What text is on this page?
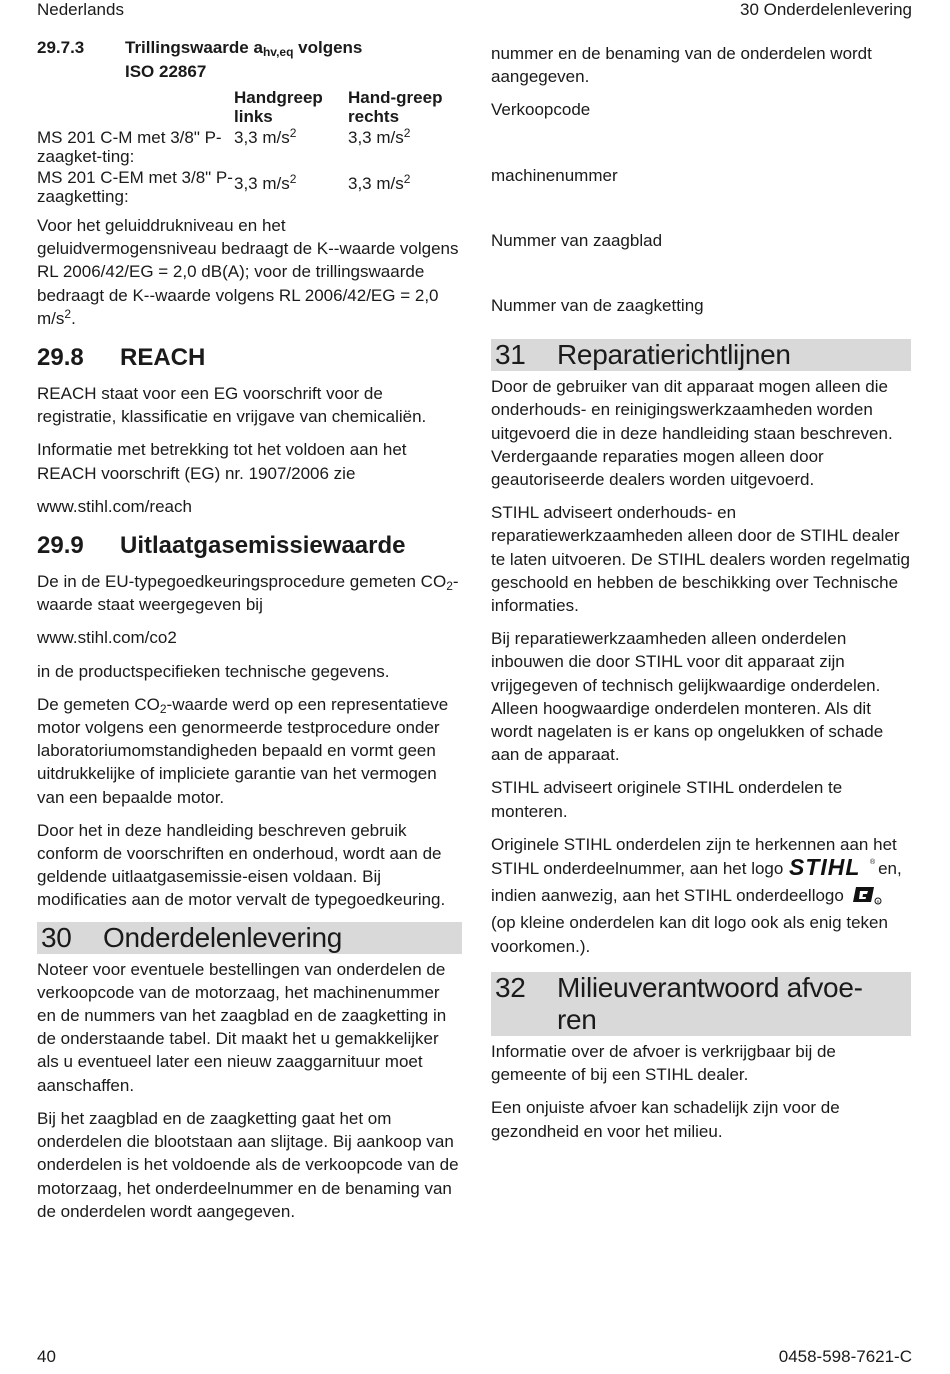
Nederlands	30 Onderdelenlevering
29.7.3 Trillingswaarde $a_{hv,eq}$ volgens
ISO 22867

	Handgreep links	Hand-greep rechts

MS 201 C-M met 3/8" P-zaagket-ting:	3,3 $m/s^2$	3,3 $m/s^2$
MS 201 C-EM met 3/8" P-zaagketting:	3,3 $m/s^2$	3,3 $m/s^2$

Voor het geluiddrukniveau en het geluidvermogensniveau bedraagt de K--waarde volgens RL 2006/42/EG = 2,0 dB(A); voor de trillingswaarde bedraagt de K--waarde volgens RL 2006/42/EG = 2,0 $m/s^2$.

29.8 REACH

REACH staat voor een EG voorschrift voor de registratie, klassificatie en vrijgave van chemicaliën.

Informatie met betrekking tot het voldoen aan het REACH voorschrift (EG) nr. 1907/2006 zie

www.stihl.com/reach

29.9 Uitlaatgasemissiewaarde

De in de EU-typegoedkeuringsprocedure gemeten $CO_2$-waarde staat weergegeven bij

www.stihl.com/co2

in de productspecifieken technische gegevens.

De gemeten $CO_2$-waarde werd op een representatieve motor volgens een genormeerde testprocedure onder laboratoriumomstandigheden bepaald en vormt geen uitdrukkelijke of impliciete garantie van het vermogen van een bepaalde motor.

Door het in deze handleiding beschreven gebruik conform de voorschriften en onderhoud, wordt aan de geldende uitlaatgasemissie-eisen voldaan. Bij modificaties aan de motor vervalt de typegoedkeuring.

30 Onderdelenlevering

Noteer voor eventuele bestellingen van onderdelen de verkoopcode van de motorzaag, het machinenummer en de nummers van het zaagblad en de zaagketting in de onderstaande tabel. Dit maakt het u gemakkelijker als u eventueel later een nieuw zaaggarnituur moet aanschaffen.

Bij het zaagblad en de zaagketting gaat het om onderdelen die blootstaan aan slijtage. Bij aankoop van onderdelen is het voldoende als de verkoopcode van de motorzaag, het onderdeelnummer en de benaming van de onderdelen wordt aangegeven.

nummer en de benaming van de onderdelen wordt aangegeven.

Verkoopcode

machinenummer

Nummer van zaagblad

Nummer van de zaagketting

31 Reparatierichtlijnen

Door de gebruiker van dit apparaat mogen alleen die onderhouds- en reinigingswerkzaamheden worden uitgevoerd die in deze handleiding staan beschreven. Verdergaande reparaties mogen alleen door geautoriseerde dealers worden uitgevoerd.

STIHL adviseert onderhouds- en reparatiewerkzaamheden alleen door de STIHL dealer te laten uitvoeren. De STIHL dealers worden regelmatig geschoold en hebben de beschikking over Technische informaties.

Bij reparatiewerkzaamheden alleen onderdelen inbouwen die door STIHL voor dit apparaat zijn vrijgegeven of technisch gelijkwaardige onderdelen. Alleen hoogwaardige onderdelen monteren. Als dit wordt nagelaten is er kans op ongelukken of schade aan de apparaat.

STIHL adviseert originele STIHL onderdelen te monteren.

Originele STIHL onderdelen zijn te herkennen aan het STIHL onderdeelnummer, aan het logo STIHL ® en, indien aanwezig, aan het STIHL onderdeellogo	R
(op kleine onderdelen kan dit logo ook als enig teken voorkomen.).

32 Milieuverantwoord afvoe-
ren

Informatie over de afvoer is verkrijgbaar bij de gemeente of bij een STIHL dealer.

Een onjuiste afvoer kan schadelijk zijn voor de gezondheid en voor het milieu.

40	0458-598-7621-C
